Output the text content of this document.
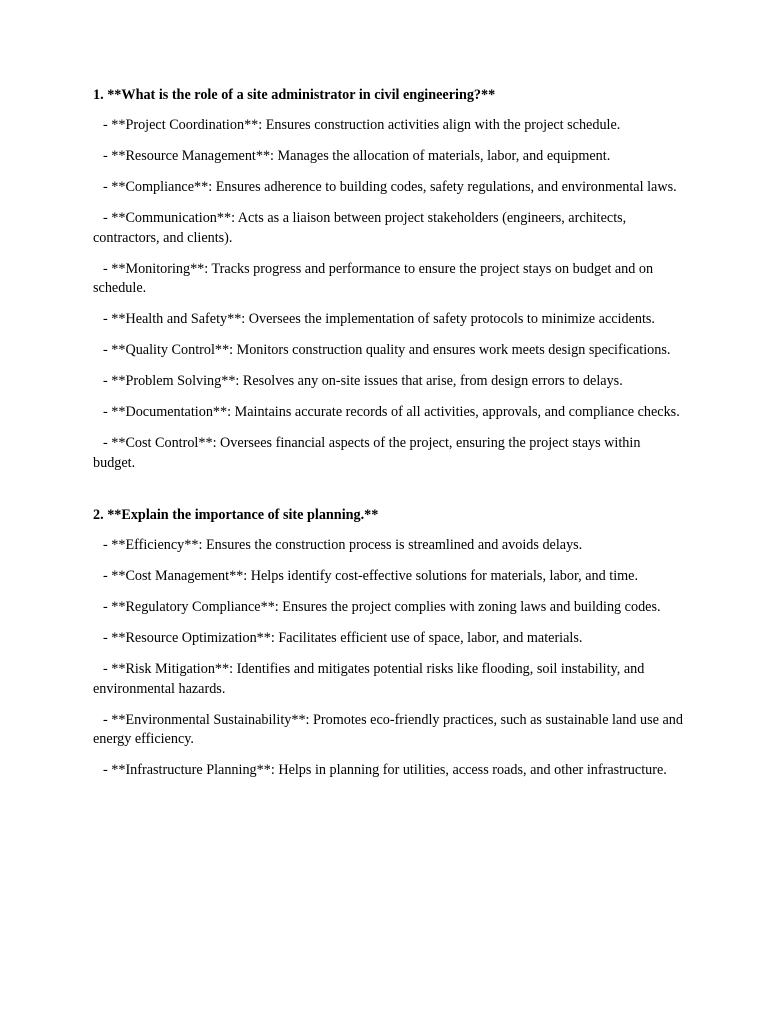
1. **What is the role of a site administrator in civil engineering?**

- **Project Coordination**: Ensures construction activities align with the project schedule.

- **Resource Management**: Manages the allocation of materials, labor, and equipment.

- **Compliance**: Ensures adherence to building codes, safety regulations, and environmental laws.

- **Communication**: Acts as a liaison between project stakeholders (engineers, architects, contractors, and clients).

- **Monitoring**: Tracks progress and performance to ensure the project stays on budget and on schedule.

- **Health and Safety**: Oversees the implementation of safety protocols to minimize accidents.

- **Quality Control**: Monitors construction quality and ensures work meets design specifications.

- **Problem Solving**: Resolves any on-site issues that arise, from design errors to delays.

- **Documentation**: Maintains accurate records of all activities, approvals, and compliance checks.

- **Cost Control**: Oversees financial aspects of the project, ensuring the project stays within budget.

2. **Explain the importance of site planning.**

- **Efficiency**: Ensures the construction process is streamlined and avoids delays.

- **Cost Management**: Helps identify cost-effective solutions for materials, labor, and time.

- **Regulatory Compliance**: Ensures the project complies with zoning laws and building codes.

- **Resource Optimization**: Facilitates efficient use of space, labor, and materials.

- **Risk Mitigation**: Identifies and mitigates potential risks like flooding, soil instability, and environmental hazards.

- **Environmental Sustainability**: Promotes eco-friendly practices, such as sustainable land use and energy efficiency.

- **Infrastructure Planning**: Helps in planning for utilities, access roads, and other infrastructure.
